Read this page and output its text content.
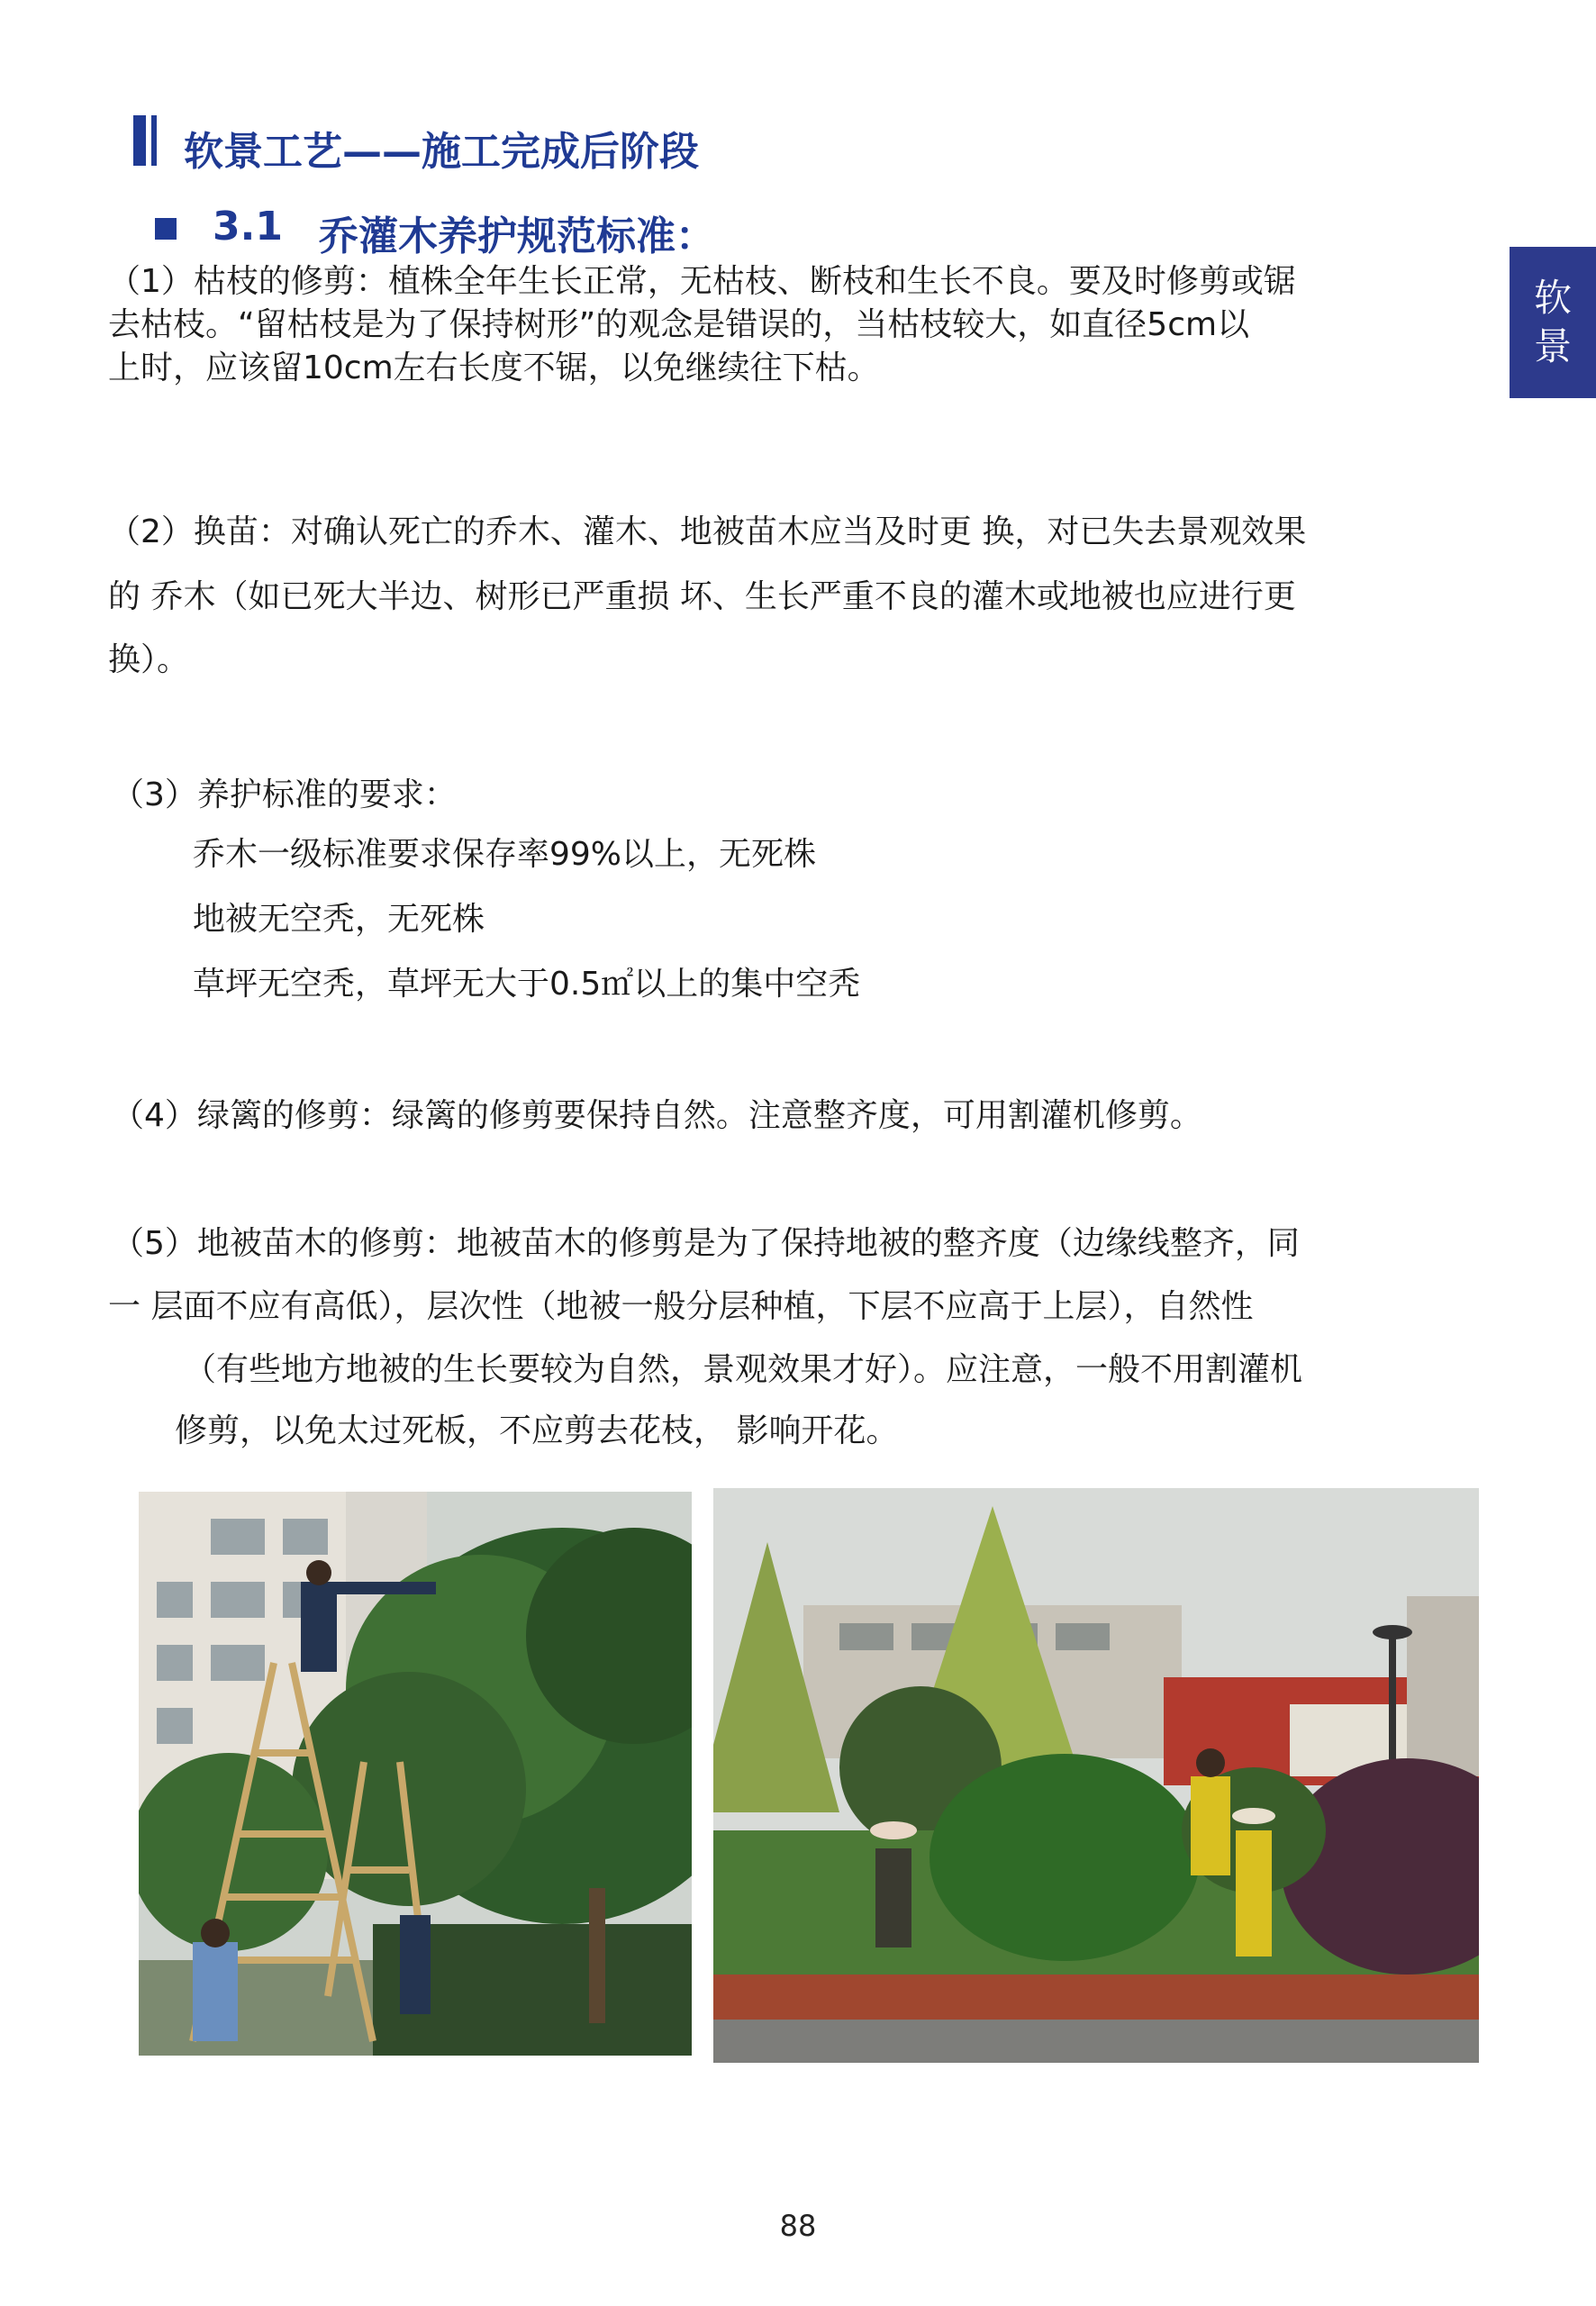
软景工艺——施工完成后阶段
3.1 乔灌木养护规范标准：
软
景
（1）枯枝的修剪：植株全年生长正常，无枯枝、断枝和生长不良。要及时修剪或锯
去枯枝。“留枯枝是为了保持树形”的观念是错误的，当枯枝较大，如直径5cm以
上时，应该留10cm左右长度不锯，以免继续往下枯。
（2）换苗：对确认死亡的乔木、灌木、地被苗木应当及时更 换，对已失去景观效果
的 乔木（如已死大半边、树形已严重损 坏、生长严重不良的灌木或地被也应进行更
换）。
（3）养护标准的要求：
乔木一级标准要求保存率99%以上，无死株
地被无空秃，无死株
草坪无空秃，草坪无大于0.5㎡以上的集中空秃
（4）绿篱的修剪：绿篱的修剪要保持自然。注意整齐度，可用割灌机修剪。
（5）地被苗木的修剪：地被苗木的修剪是为了保持地被的整齐度（边缘线整齐，同
一 层面不应有高低），层次性（地被一般分层种植，下层不应高于上层），自然性
（有些地方地被的生长要较为自然，景观效果才好）。应注意，一般不用割灌机
修剪，以免太过死板，不应剪去花枝， 影响开花。
88
